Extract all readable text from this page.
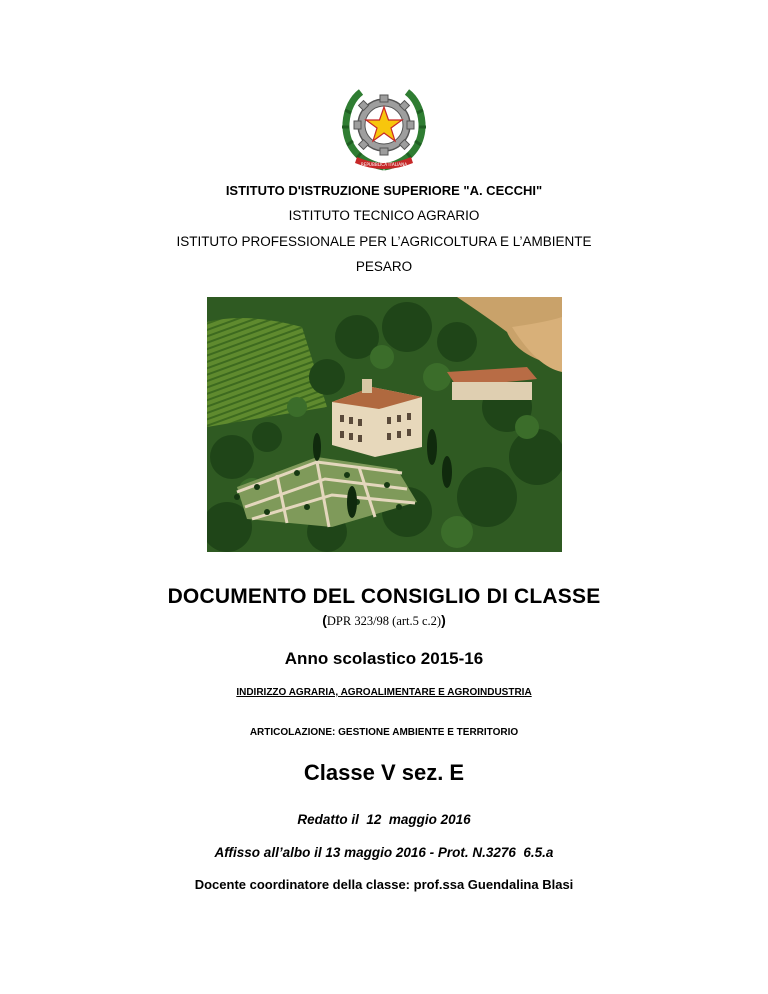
REPUBBLICA ITALIANA
ISTITUTO D'ISTRUZIONE SUPERIORE "A. CECCHI"
ISTITUTO TECNICO AGRARIO
ISTITUTO PROFESSIONALE PER L’AGRICOLTURA E L’AMBIENTE
PESARO
DOCUMENTO DEL CONSIGLIO DI CLASSE
(DPR 323/98 (art.5 c.2))
Anno scolastico 2015-16
INDIRIZZO AGRARIA, AGROALIMENTARE E AGROINDUSTRIA
ARTICOLAZIONE: GESTIONE AMBIENTE E TERRITORIO
Classe V sez. E
Redatto il  12  maggio 2016
Affisso all’albo il 13 maggio 2016 - Prot. N.3276  6.5.a
Docente coordinatore della classe: prof.ssa Guendalina Blasi
